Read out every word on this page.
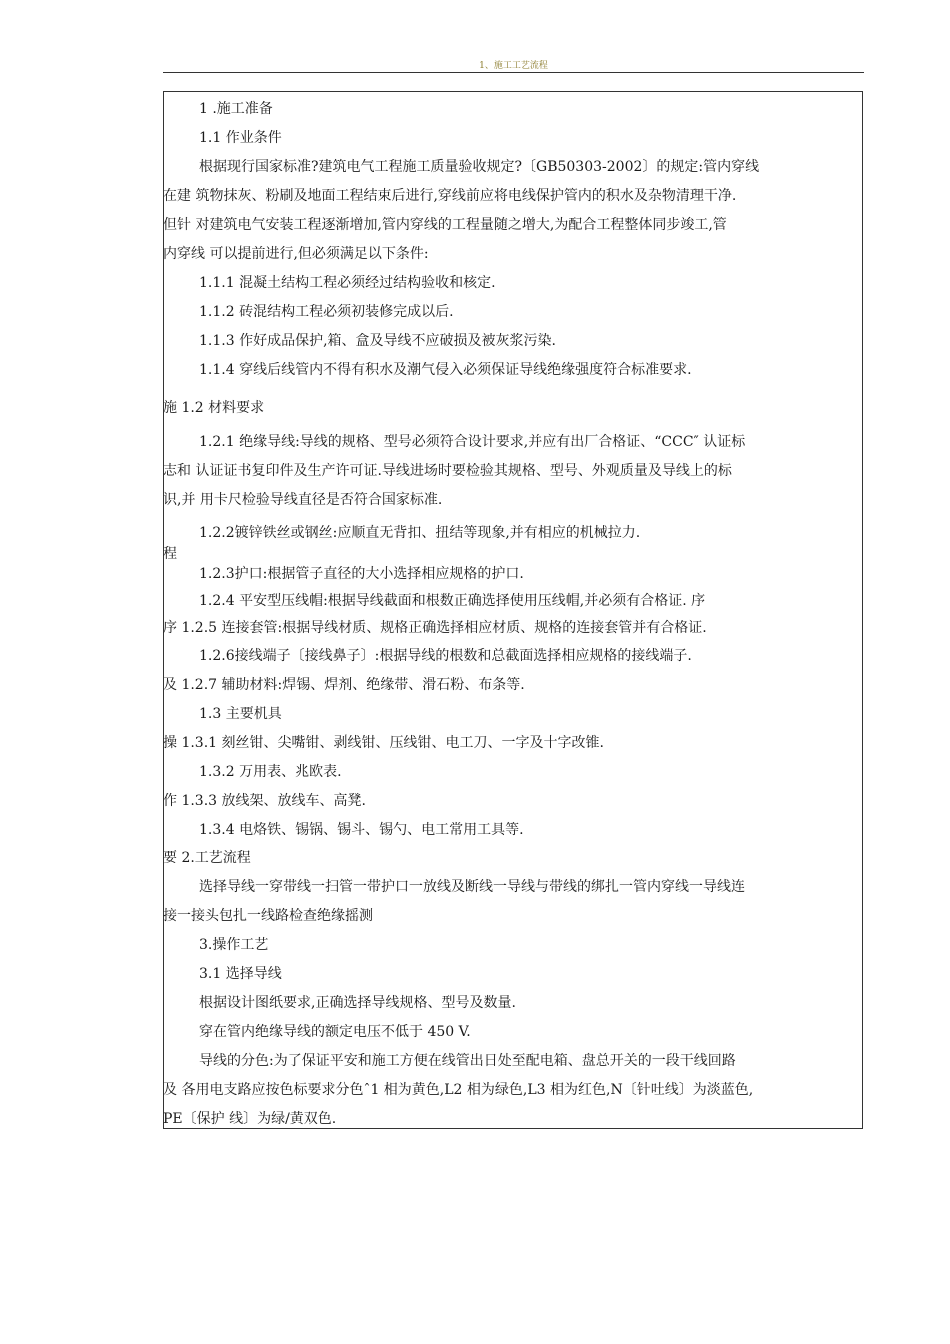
1、施工工艺流程
1 .施工准备
1.1 作业条件
根据现行国家标准?建筑电气工程施工质量验收规定?〔GB50303-2002〕的规定:管内穿线
在建 筑物抹灰、粉刷及地面工程结束后进行,穿线前应将电线保护管内的积水及杂物清理干净.
但针 对建筑电气安装工程逐渐增加,管内穿线的工程量随之增大,为配合工程整体同步竣工,管
内穿线 可以提前进行,但必须满足以下条件:
1.1.1 混凝土结构工程必须经过结构验收和核定.
1.1.2 砖混结构工程必须初装修完成以后.
1.1.3 作好成品保护,箱、盒及导线不应破损及被灰浆污染.
1.1.4 穿线后线管内不得有积水及潮气侵入必须保证导线绝缘强度符合标准要求.
施 1.2 材料要求
1.2.1 绝缘导线:导线的规格、型号必须符合设计要求,并应有出厂合格证、“CCC″ 认证标
志和 认证证书复印件及生产许可证.导线进场时要检验其规格、型号、外观质量及导线上的标
识,并 用卡尺检验导线直径是否符合国家标准.
1.2.2镀锌铁丝或钢丝:应顺直无背扣、扭结等现象,并有相应的机械拉力.
程
1.2.3护口:根据管子直径的大小选择相应规格的护口.
1.2.4 平安型压线帽:根据导线截面和根数正确选择使用压线帽,并必须有合格证. 序
序 1.2.5 连接套管:根据导线材质、规格正确选择相应材质、规格的连接套管并有合格证.
1.2.6接线端子〔接线鼻子〕:根据导线的根数和总截面选择相应规格的接线端子.
及 1.2.7 辅助材料:焊锡、焊剂、绝缘带、滑石粉、布条等.
1.3 主要机具
操 1.3.1 刻丝钳、尖嘴钳、剥线钳、压线钳、电工刀、一字及十字改锥.
1.3.2 万用表、兆欧表.
作 1.3.3 放线架、放线车、高凳.
1.3.4 电烙铁、锡锅、锡斗、锡勺、电工常用工具等.
要 2.工艺流程
选择导线一穿带线一扫管一带护口一放线及断线一导线与带线的绑扎一管内穿线一导线连
接一接头包扎一线路检查绝缘摇测
3.操作工艺
3.1 选择导线
根据设计图纸要求,正确选择导线规格、型号及数量.
穿在管内绝缘导线的额定电压不低于 450 V.
导线的分色:为了保证平安和施工方便在线管出日处至配电箱、盘总开关的一段干线回路
及 各用电支路应按色标要求分色ˆ1 相为黄色,L2 相为绿色,L3 相为红色,N〔针吐线〕为淡蓝色,
PE〔保护 线〕为绿/黄双色.
